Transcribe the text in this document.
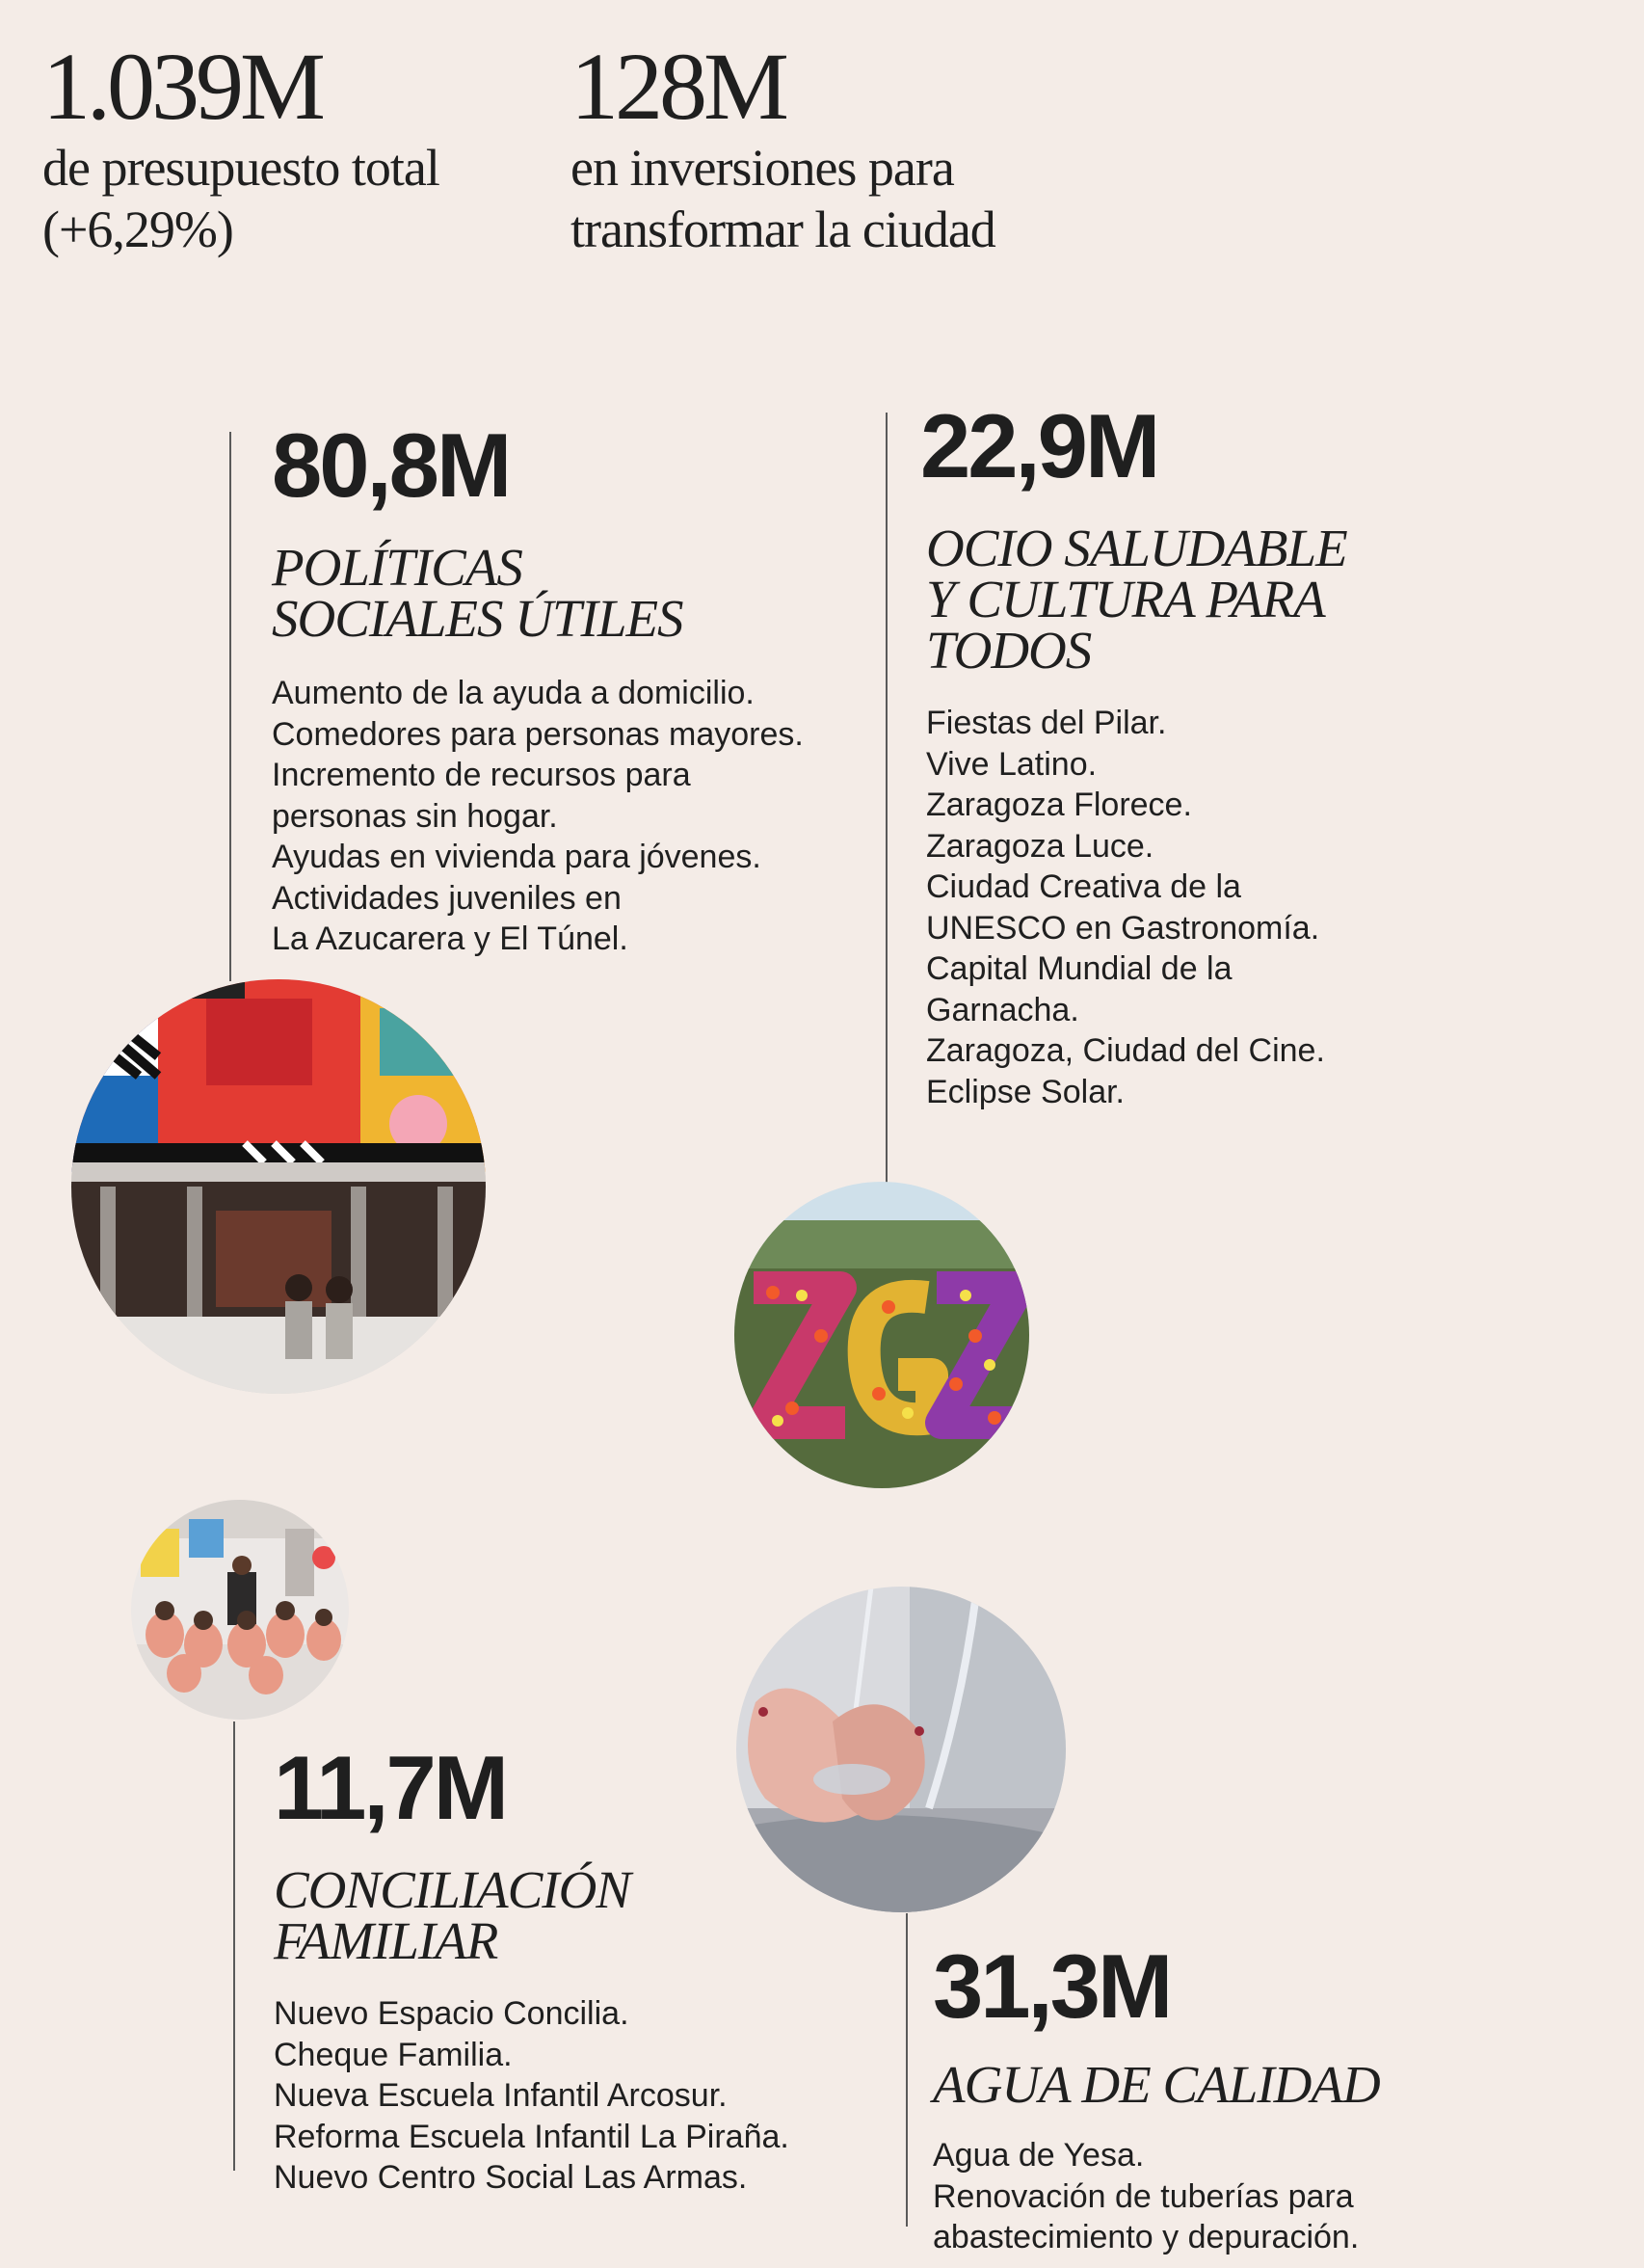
1.039M
de presupuesto total
(+6,29%)
128M
en inversiones para
transformar la ciudad
80,8M
POLÍTICAS
SOCIALES ÚTILES
Aumento de la ayuda a domicilio.
Comedores para personas mayores.
Incremento de recursos para
personas sin hogar.
Ayudas en vivienda para jóvenes.
Actividades juveniles en
La Azucarera y El Túnel.
22,9M
OCIO SALUDABLE
Y CULTURA PARA
TODOS
Fiestas del Pilar.
Vive Latino.
Zaragoza Florece.
Zaragoza Luce.
Ciudad Creativa de la
UNESCO en Gastronomía.
Capital Mundial de la
Garnacha.
Zaragoza, Ciudad del Cine.
Eclipse Solar.
11,7M
CONCILIACIÓN
FAMILIAR
Nuevo Espacio Concilia.
Cheque Familia.
Nueva Escuela Infantil Arcosur.
Reforma Escuela Infantil La Piraña.
Nuevo Centro Social Las Armas.
31,3M
AGUA DE CALIDAD
Agua de Yesa.
Renovación de tuberías para
abastecimiento y depuración.
